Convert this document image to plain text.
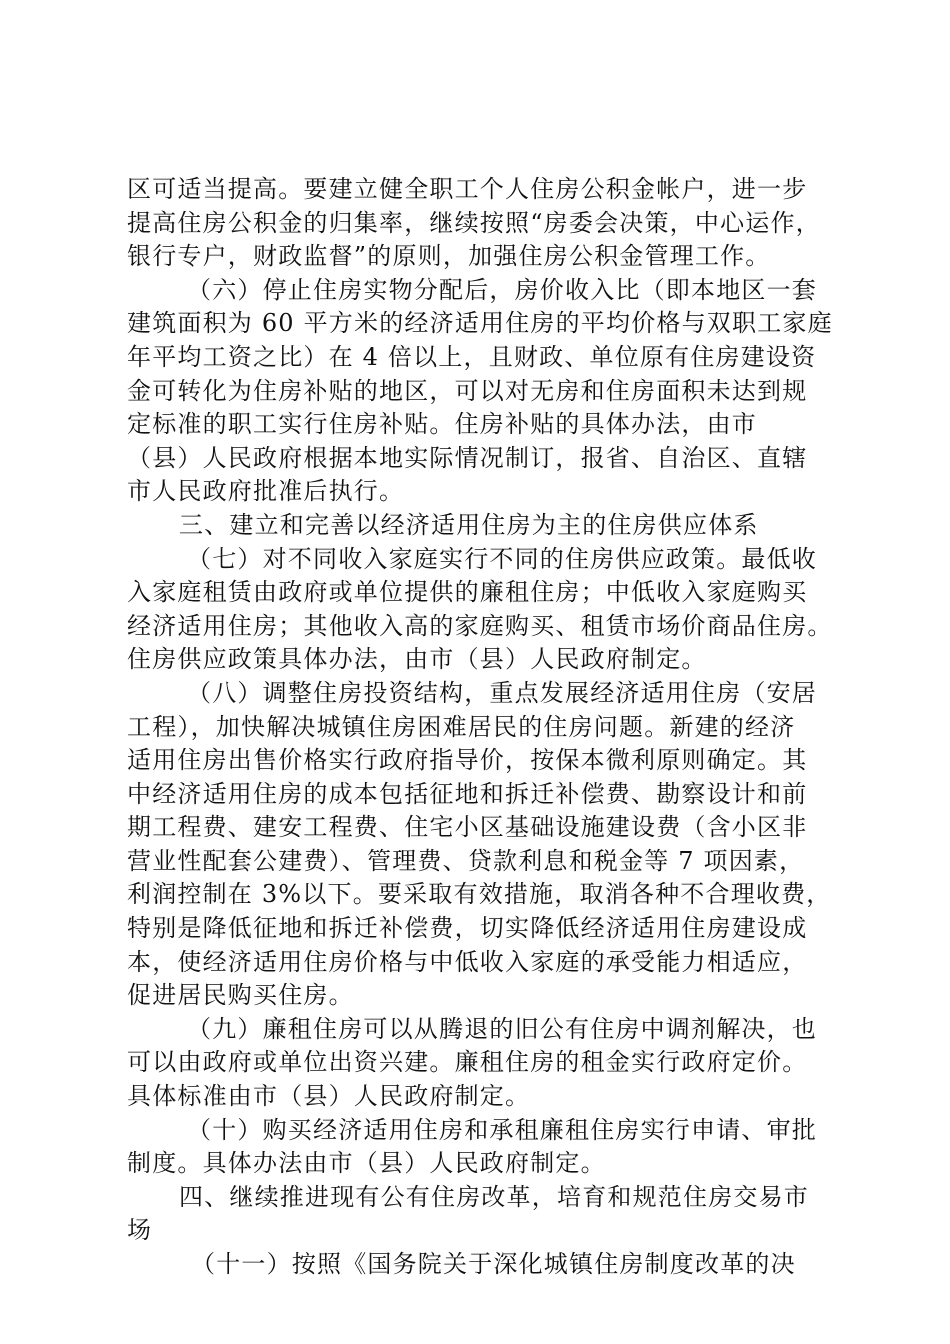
区可适当提高。要建立健全职工个人住房公积金帐户，进一步
提高住房公积金的归集率，继续按照“房委会决策，中心运作，
银行专户，财政监督”的原则，加强住房公积金管理工作。
（六）停止住房实物分配后，房价收入比（即本地区一套
建筑面积为 60 平方米的经济适用住房的平均价格与双职工家庭
年平均工资之比）在 4 倍以上，且财政、单位原有住房建设资
金可转化为住房补贴的地区，可以对无房和住房面积未达到规
定标准的职工实行住房补贴。住房补贴的具体办法，由市
（县）人民政府根据本地实际情况制订，报省、自治区、直辖
市人民政府批准后执行。
三、建立和完善以经济适用住房为主的住房供应体系
（七）对不同收入家庭实行不同的住房供应政策。最低收
入家庭租赁由政府或单位提供的廉租住房；中低收入家庭购买
经济适用住房；其他收入高的家庭购买、租赁市场价商品住房。
住房供应政策具体办法，由市（县）人民政府制定。
（八）调整住房投资结构，重点发展经济适用住房（安居
工程），加快解决城镇住房困难居民的住房问题。新建的经济
适用住房出售价格实行政府指导价，按保本微利原则确定。其
中经济适用住房的成本包括征地和拆迁补偿费、勘察设计和前
期工程费、建安工程费、住宅小区基础设施建设费（含小区非
营业性配套公建费）、管理费、贷款利息和税金等 7 项因素，
利润控制在 3%以下。要采取有效措施，取消各种不合理收费，
特别是降低征地和拆迁补偿费，切实降低经济适用住房建设成
本，使经济适用住房价格与中低收入家庭的承受能力相适应，
促进居民购买住房。
（九）廉租住房可以从腾退的旧公有住房中调剂解决，也
可以由政府或单位出资兴建。廉租住房的租金实行政府定价。
具体标准由市（县）人民政府制定。
（十）购买经济适用住房和承租廉租住房实行申请、审批
制度。具体办法由市（县）人民政府制定。
四、继续推进现有公有住房改革，培育和规范住房交易市
场
（十一）按照《国务院关于深化城镇住房制度改革的决
